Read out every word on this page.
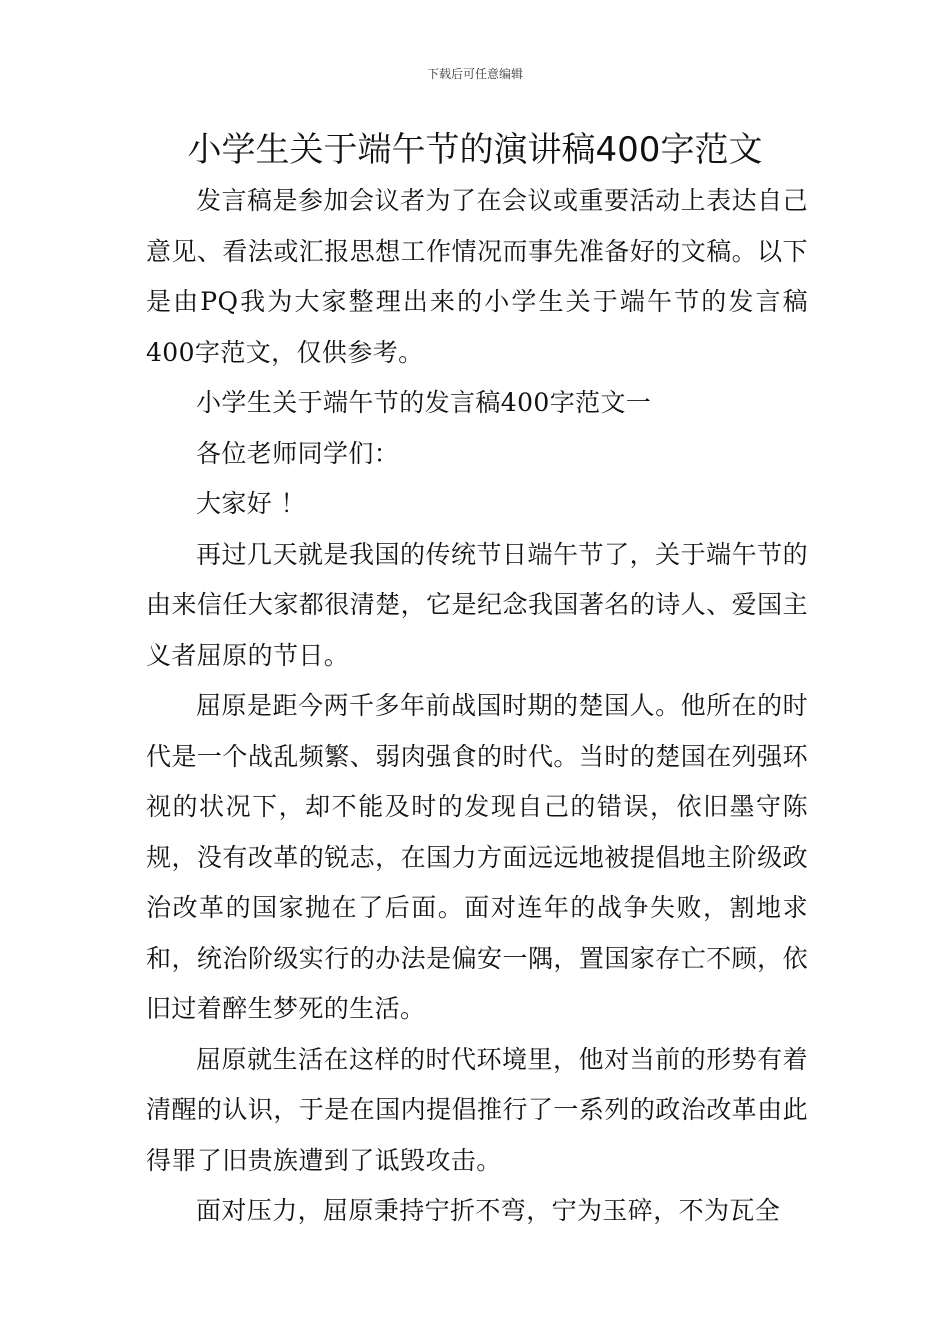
下载后可任意编辑
小学生关于端午节的演讲稿400字范文

发言稿是参加会议者为了在会议或重要活动上表达自己意见、看法或汇报思想工作情况而事先准备好的文稿。以下是由PQ我为大家整理出来的小学生关于端午节的发言稿400字范文，仅供参考。

小学生关于端午节的发言稿400字范文一

各位老师同学们：

大家好 ！

再过几天就是我国的传统节日端午节了，关于端午节的由来信任大家都很清楚，它是纪念我国著名的诗人、爱国主义者屈原的节日。

屈原是距今两千多年前战国时期的楚国人。他所在的时代是一个战乱频繁、弱肉强食的时代。当时的楚国在列强环视的状况下，却不能及时的发现自己的错误，依旧墨守陈规，没有改革的锐志，在国力方面远远地被提倡地主阶级政治改革的国家抛在了后面。面对连年的战争失败，割地求和，统治阶级实行的办法是偏安一隅，置国家存亡不顾，依旧过着醉生梦死的生活。

屈原就生活在这样的时代环境里，他对当前的形势有着清醒的认识，于是在国内提倡推行了一系列的政治改革由此得罪了旧贵族遭到了诋毁攻击。

面对压力，屈原秉持宁折不弯，宁为玉碎，不为瓦全
